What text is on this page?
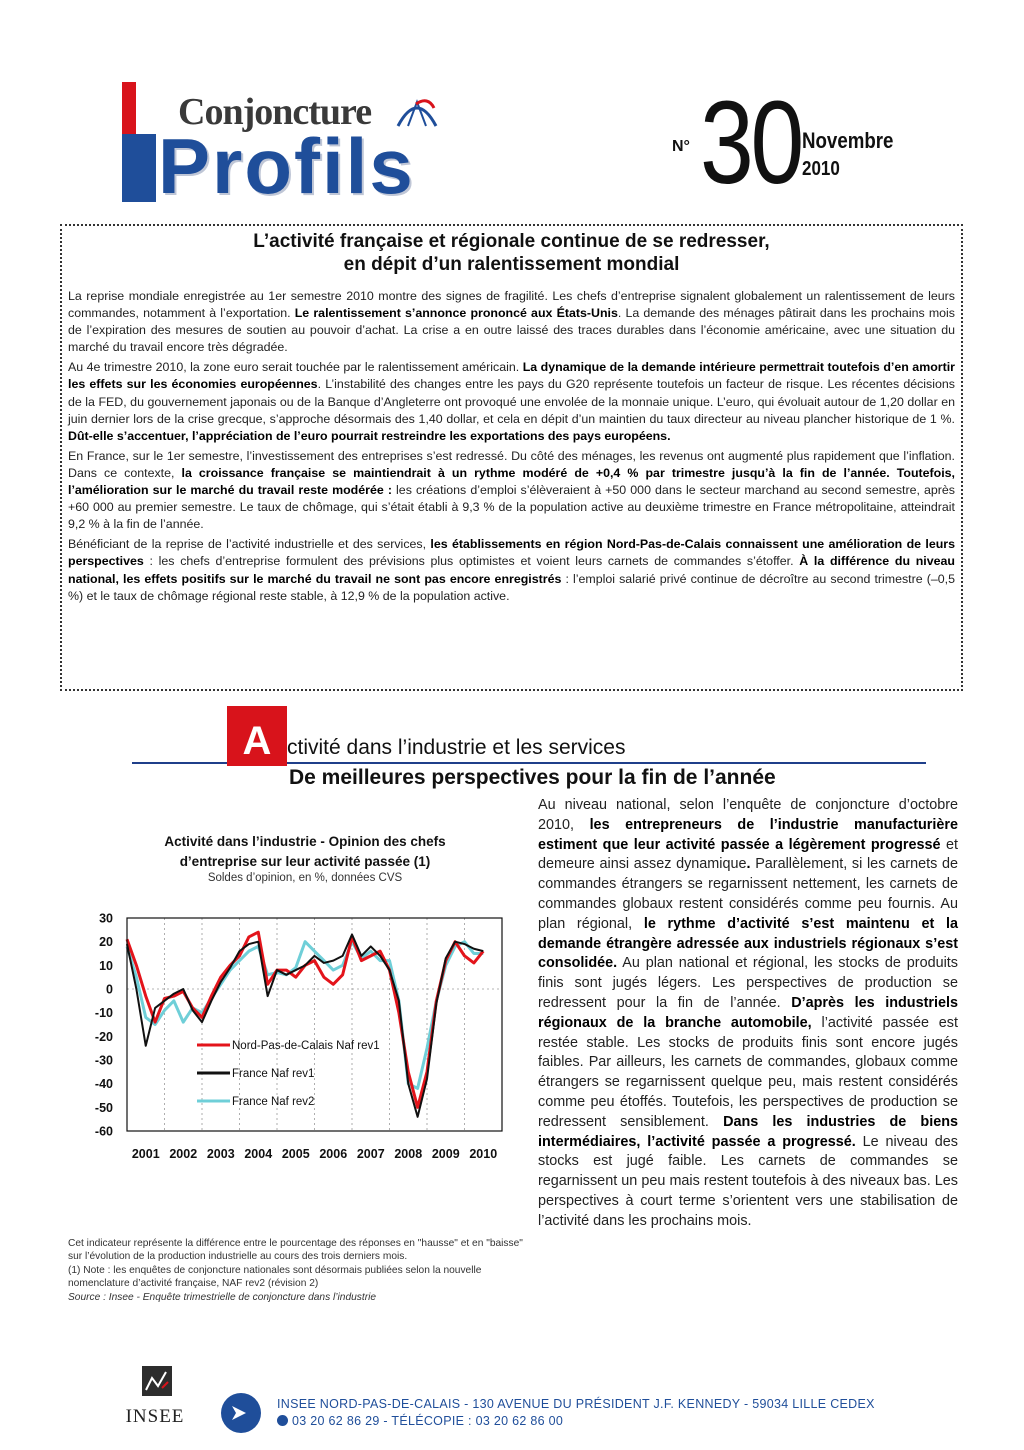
Conjoncture
Profils	N° 30 Novembre
2010
L’activité française et régionale continue de se redresser,
en dépit d’un ralentissement mondial

La reprise mondiale enregistrée au 1er semestre 2010 montre des signes de fragilité. Les chefs d’entreprise signalent globalement un ralentissement de leurs commandes, notamment à l’exportation. Le ralentissement s’annonce prononcé aux États-Unis. La demande des ménages pâtirait dans les prochains mois de l’expiration des mesures de soutien au pouvoir d’achat. La crise a en outre laissé des traces durables dans l’économie américaine, avec une situation du marché du travail encore très dégradée.

Au 4e trimestre 2010, la zone euro serait touchée par le ralentissement américain. La dynamique de la demande intérieure permettrait toutefois d’en amortir les effets sur les économies européennes. L’instabilité des changes entre les pays du G20 représente toutefois un facteur de risque. Les récentes décisions de la FED, du gouvernement japonais ou de la Banque d’Angleterre ont provoqué une envolée de la monnaie unique. L’euro, qui évoluait autour de 1,20 dollar en juin dernier lors de la crise grecque, s’approche désormais des 1,40 dollar, et cela en dépit d’un maintien du taux directeur au niveau plancher historique de 1 %. Dût-elle s’accentuer, l’appréciation de l’euro pourrait restreindre les exportations des pays européens.

En France, sur le 1er semestre, l’investissement des entreprises s’est redressé. Du côté des ménages, les revenus ont augmenté plus rapidement que l’inflation. Dans ce contexte, la croissance française se maintiendrait à un rythme modéré de +0,4 % par trimestre jusqu’à la fin de l’année. Toutefois, l’amélioration sur le marché du travail reste modérée : les créations d’emploi s’élèveraient à +50 000 dans le secteur marchand au second semestre, après +60 000 au premier semestre. Le taux de chômage, qui s’était établi à 9,3 % de la population active au deuxième trimestre en France métropolitaine, atteindrait 9,2 % à la fin de l’année.

Bénéficiant de la reprise de l’activité industrielle et des services, les établissements en région Nord-Pas-de-Calais connaissent une amélioration de leurs perspectives : les chefs d’entreprise formulent des prévisions plus optimistes et voient leurs carnets de commandes s’étoffer. À la différence du niveau national, les effets positifs sur le marché du travail ne sont pas encore enregistrés : l’emploi salarié privé continue de décroître au second trimestre (–0,5 %) et le taux de chômage régional reste stable, à 12,9 % de la population active.

A ctivité dans l’industrie et les services
De meilleures perspectives pour la fin de l’année
Activité dans l’industrie - Opinion des chefs
d’entreprise sur leur activité passée (1)
Soldes d’opinion, en %, données CVS
30
20
10
0
-10
-20
-30
-40
-50
-60
2001 2002 2003 2004 2005 2006 2007 2008 2009 2010
Nord-Pas-de-Calais Naf rev1
France Naf rev1
France Naf rev2
Cet indicateur représente la différence entre le pourcentage des réponses en "hausse" et en "baisse" sur l’évolution de la production industrielle au cours des trois derniers mois.
(1) Note : les enquêtes de conjoncture nationales sont désormais publiées selon la nouvelle nomenclature d’activité française, NAF rev2 (révision 2)
Source : Insee - Enquête trimestrielle de conjoncture dans l’industrie
Au niveau national, selon l’enquête de conjoncture d’octobre 2010, les entrepreneurs de l’industrie manufacturière estiment que leur activité passée a légèrement progressé et demeure ainsi assez dynamique. Parallèlement, si les carnets de commandes étrangers se regarnissent nettement, les carnets de commandes globaux restent considérés comme peu fournis. Au plan régional, le rythme d’activité s’est maintenu et la demande étrangère adressée aux industriels régionaux s’est consolidée. Au plan national et régional, les stocks de produits finis sont jugés légers. Les perspectives de production se redressent pour la fin de l’année. D’après les industriels régionaux de la branche automobile, l’activité passée est restée stable. Les stocks de produits finis sont encore jugés faibles. Par ailleurs, les carnets de commandes, globaux comme étrangers se regarnissent quelque peu, mais restent considérés comme peu étoffés. Toutefois, les perspectives de production se redressent sensiblement. Dans les industries de biens intermédiaires, l’activité passée a progressé. Le niveau des stocks est jugé faible. Les carnets de commandes se regarnissent un peu mais restent toutefois à des niveaux bas. Les perspectives à court terme s’orientent vers une stabilisation de l’activité dans les prochains mois.
INSEE
INSEE NORD-PAS-DE-CALAIS - 130 AVENUE DU PRÉSIDENT J.F. KENNEDY - 59034 LILLE CEDEX
03 20 62 86 29 - TÉLÉCOPIE : 03 20 62 86 00
